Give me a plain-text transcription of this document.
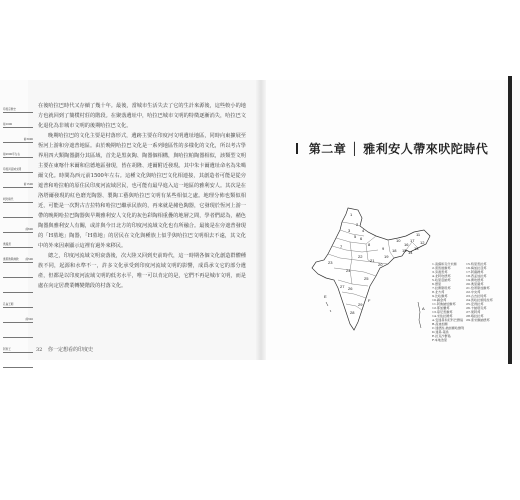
印度宗教史
前1000
前3000
前2600年左右
印度河流域文明
前1500
吠陀時代
前600
奧義書
耆那教與佛教	前500
孔雀王朝
前320
阿育王

在後哈拉巴時代又存續了幾十年。最後，當城市生活失去了它的生計來源後，這些較小的地方也就回到了簡樸村莊的階段。在聚落遺址中，哈拉巴城市文明的特徵逐漸消失，哈拉巴文化退化為非城市文明的後期哈拉巴文化。

晚期哈拉巴的文化主要是村落形式，遺跡主要在印度河文明遺址地區，同時向東擴展至恆河上游和旁遮普地區。由於晚期哈拉巴文化是一系列地區性的多樣化的文化，所以考古學界用四大類陶器劃分其區域，首先是黑灰陶、陶器個相構，與哈拉帕陶器相似，該類型文明主要在東喀什米爾和信德地區發現，皆在胡隆、達爾附近發現。其中朱卡爾遺址命名為朱噶爾文化。時間為西元前1500年左右。這種文化與哈拉巴文化相連接，其創造者可能是從旁遮普和哈拉帕的原住民印度河流域居民，也可能有最早進入這一地區的雅利安人。其次是在洛塔爾發現的紅色磨光陶器、製陶工藝與哈拉巴文明有某些相似之處。地理分佈也類似相近，可能是一次對古吉拉特和哈拉巴繼承民族的，再來就是赭色陶器，它發現於恆河上游一帶的晚期哈拉巴陶器與早期雅利安人文化的灰色彩陶相重疊的地層之間，學者們認為，赭色陶器與雅利安人有關，或許與今日北方的印度河流域文化也有所融合。最後是在旁遮普發現的「H墓地」陶器，「H墓地」的居民在文化與種族上似乎與哈拉巴文明相去不遠，其文化中的外來因素顯示這裡有過外來移民。

總之，印度河流域文明衰落後，次大陸又回到史前時代，這一時期各個文化創造群體種族不同，起源和水準不一，許多文化承受到印度河流域文明的影響，成爲承文它的部分遺產，但都是以印度河流域文明的低劣水平，唯一可以肯定的是，它們不再是城市文明，而是處在向定居農業轉變階段的村落文化。

32 你一定想看的印度史
第二章 │ 雅利安人帶來吠陀時代
1
2
3	4
5 6
7	8
9
10
11
12
13
14
15
16
17
18
19
20
21
22
23
24
25
26
27
28
29
A
E
F
1.查謨和克什米爾
2.喜馬偕爾邦
3.旁遮普邦
4.北阿坎德邦
5.哈里亞納邦
6.德里
7.拉賈斯坦邦
8.北方邦
9.比哈爾邦
10.錫金邦
11.阿魯納恰爾邦
12.那加蘭邦
13.曼尼普爾邦
14.米佐拉姆邦
15.特里普拉邦
16.梅加拉亞邦
17.阿薩姆邦
18.西孟加拉邦
19.賈坎德邦
20.奧里薩邦
21.恰蒂斯加爾邦
22.中央邦
23.古吉拉特邦
24.馬哈拉施特拉邦
25.安得拉邦
26.卡納塔克邦
27.果阿邦
28.喀拉拉邦
29.泰米爾納德邦
A.安達曼和尼科巴群島
B.昌迪加爾
C.達德拉-納加爾哈維利
D.達曼-第烏
E.拉克沙群島
F.本地治里
